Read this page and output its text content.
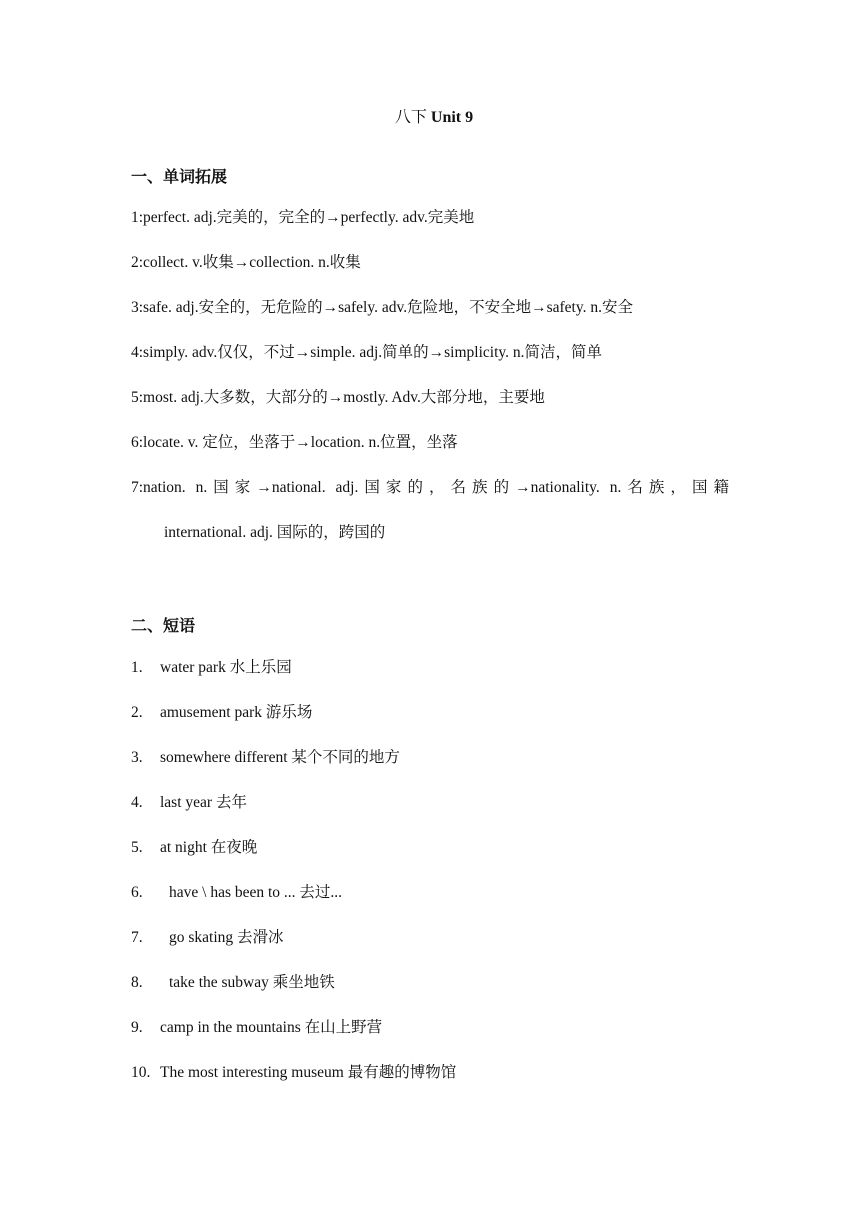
八下 Unit 9
一、单词拓展
1:perfect. adj.完美的，完全的→perfectly. adv.完美地
2:collect. v.收集→collection. n.收集
3:safe. adj.安全的，无危险的→safely. adv.危险地，不安全地→safety. n.安全
4:simply. adv.仅仅，不过→simple. adj.简单的→simplicity. n.简洁，简单
5:most. adj.大多数，大部分的→mostly. Adv.大部分地，主要地
6:locate. v. 定位，坐落于→location. n.位置，坐落
7:nation. n.国家→national. adj.国家的，名族的→nationality. n.名族，国籍
international. adj. 国际的，跨国的
二、短语
1. water park 水上乐园
2. amusement park 游乐场
3. somewhere different 某个不同的地方
4. last year 去年
5. at night 在夜晚
6. have \ has been to ... 去过...
7. go skating 去滑冰
8. take the subway 乘坐地铁
9. camp in the mountains 在山上野营
10. The most interesting museum 最有趣的博物馆
